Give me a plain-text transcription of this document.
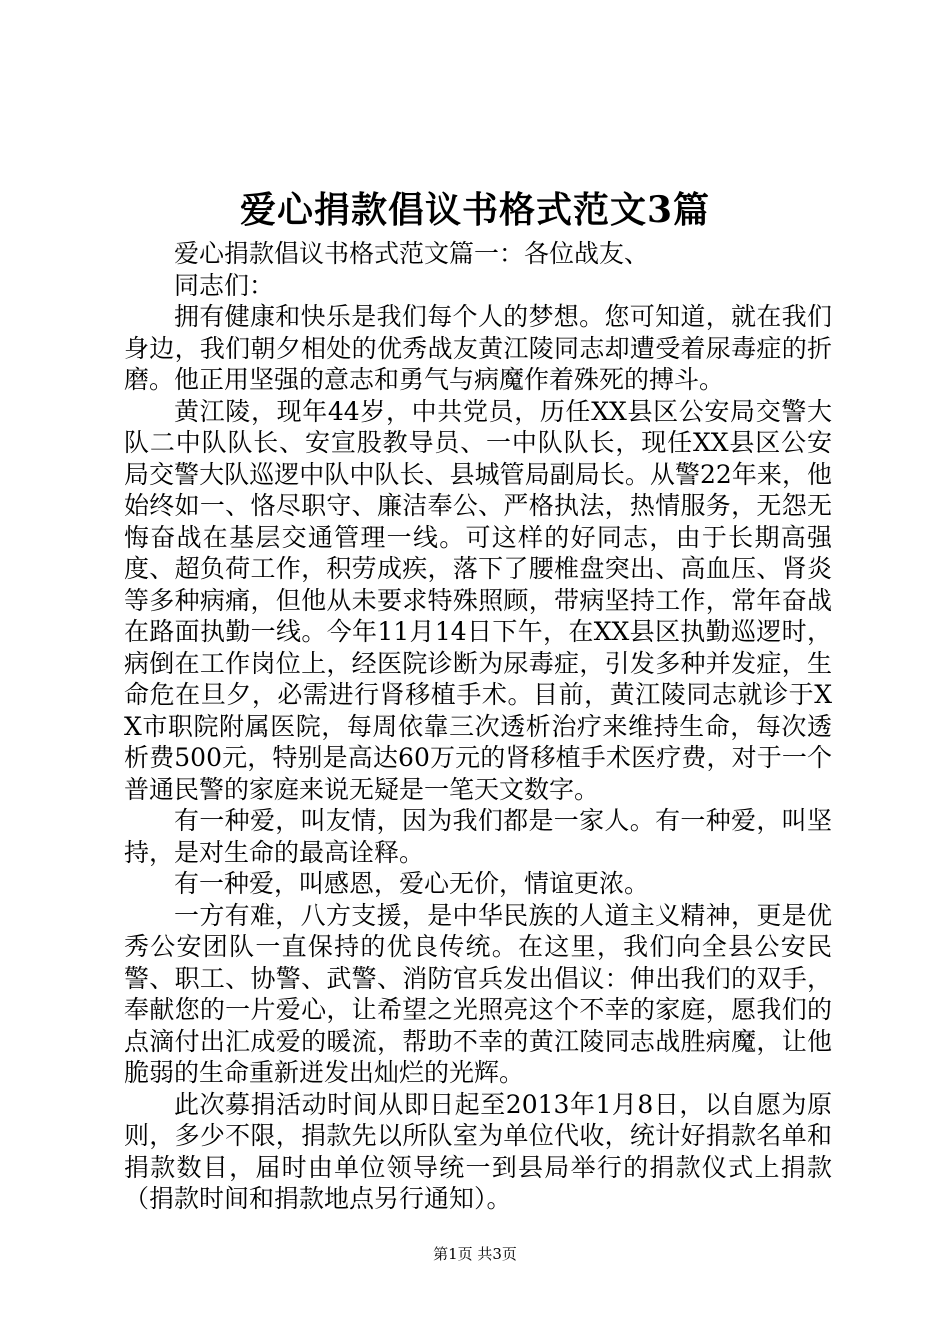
爱心捐款倡议书格式范文3篇

爱心捐款倡议书格式范文篇一：各位战友、

同志们：

拥有健康和快乐是我们每个人的梦想。您可知道，就在我们身边，我们朝夕相处的优秀战友黄江陵同志却遭受着尿毒症的折磨。他正用坚强的意志和勇气与病魔作着殊死的搏斗。

黄江陵，现年44岁，中共党员，历任XX县区公安局交警大队二中队队长、安宣股教导员、一中队队长，现任XX县区公安局交警大队巡逻中队中队长、县城管局副局长。从警22年来，他始终如一、恪尽职守、廉洁奉公、严格执法，热情服务，无怨无悔奋战在基层交通管理一线。可这样的好同志，由于长期高强度、超负荷工作，积劳成疾，落下了腰椎盘突出、高血压、肾炎等多种病痛，但他从未要求特殊照顾，带病坚持工作，常年奋战在路面执勤一线。今年11月14日下午，在XX县区执勤巡逻时，病倒在工作岗位上，经医院诊断为尿毒症，引发多种并发症，生命危在旦夕，必需进行肾移植手术。目前，黄江陵同志就诊于XX市职院附属医院，每周依靠三次透析治疗来维持生命，每次透析费500元，特别是高达60万元的肾移植手术医疗费，对于一个普通民警的家庭来说无疑是一笔天文数字。

有一种爱，叫友情，因为我们都是一家人。有一种爱，叫坚持，是对生命的最高诠释。

有一种爱，叫感恩，爱心无价，情谊更浓。

一方有难，八方支援，是中华民族的人道主义精神，更是优秀公安团队一直保持的优良传统。在这里，我们向全县公安民警、职工、协警、武警、消防官兵发出倡议：伸出我们的双手，奉献您的一片爱心，让希望之光照亮这个不幸的家庭，愿我们的点滴付出汇成爱的暖流，帮助不幸的黄江陵同志战胜病魔，让他脆弱的生命重新迸发出灿烂的光辉。

此次募捐活动时间从即日起至2013年1月8日，以自愿为原则，多少不限，捐款先以所队室为单位代收，统计好捐款名单和捐款数目，届时由单位领导统一到县局举行的捐款仪式上捐款（捐款时间和捐款地点另行通知）。

第1页 共3页
